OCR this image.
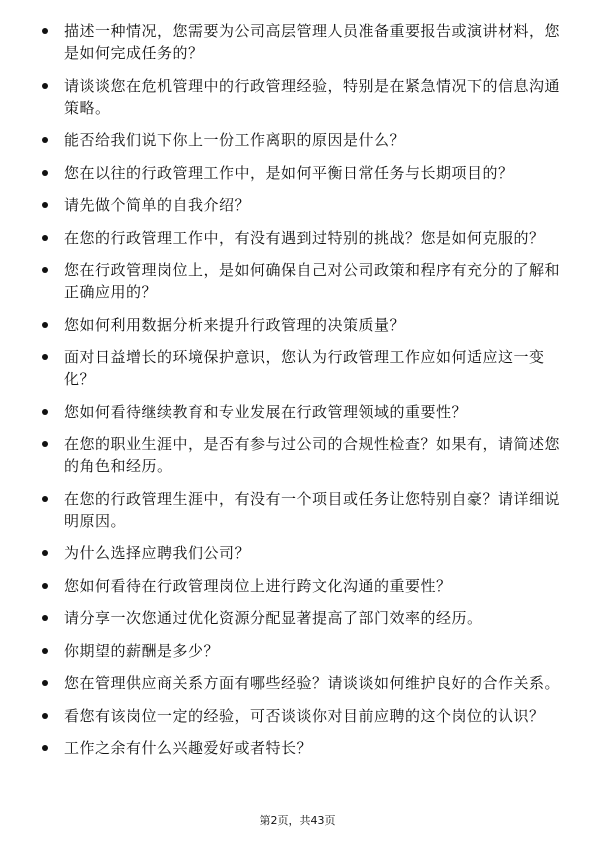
描述一种情况，您需要为公司高层管理人员准备重要报告或演讲材料，您是如何完成任务的？
请谈谈您在危机管理中的行政管理经验，特别是在紧急情况下的信息沟通策略。
能否给我们说下你上一份工作离职的原因是什么？
您在以往的行政管理工作中，是如何平衡日常任务与长期项目的？
请先做个简单的自我介绍？
在您的行政管理工作中，有没有遇到过特别的挑战？您是如何克服的？
您在行政管理岗位上，是如何确保自己对公司政策和程序有充分的了解和正确应用的？
您如何利用数据分析来提升行政管理的决策质量？
面对日益增长的环境保护意识，您认为行政管理工作应如何适应这一变化？
您如何看待继续教育和专业发展在行政管理领域的重要性？
在您的职业生涯中，是否有参与过公司的合规性检查？如果有，请简述您的角色和经历。
在您的行政管理生涯中，有没有一个项目或任务让您特别自豪？请详细说明原因。
为什么选择应聘我们公司？
您如何看待在行政管理岗位上进行跨文化沟通的重要性？
请分享一次您通过优化资源分配显著提高了部门效率的经历。
你期望的薪酬是多少？
您在管理供应商关系方面有哪些经验？请谈谈如何维护良好的合作关系。
看您有该岗位一定的经验，可否谈谈你对目前应聘的这个岗位的认识？
工作之余有什么兴趣爱好或者特长？
第2页，共43页
